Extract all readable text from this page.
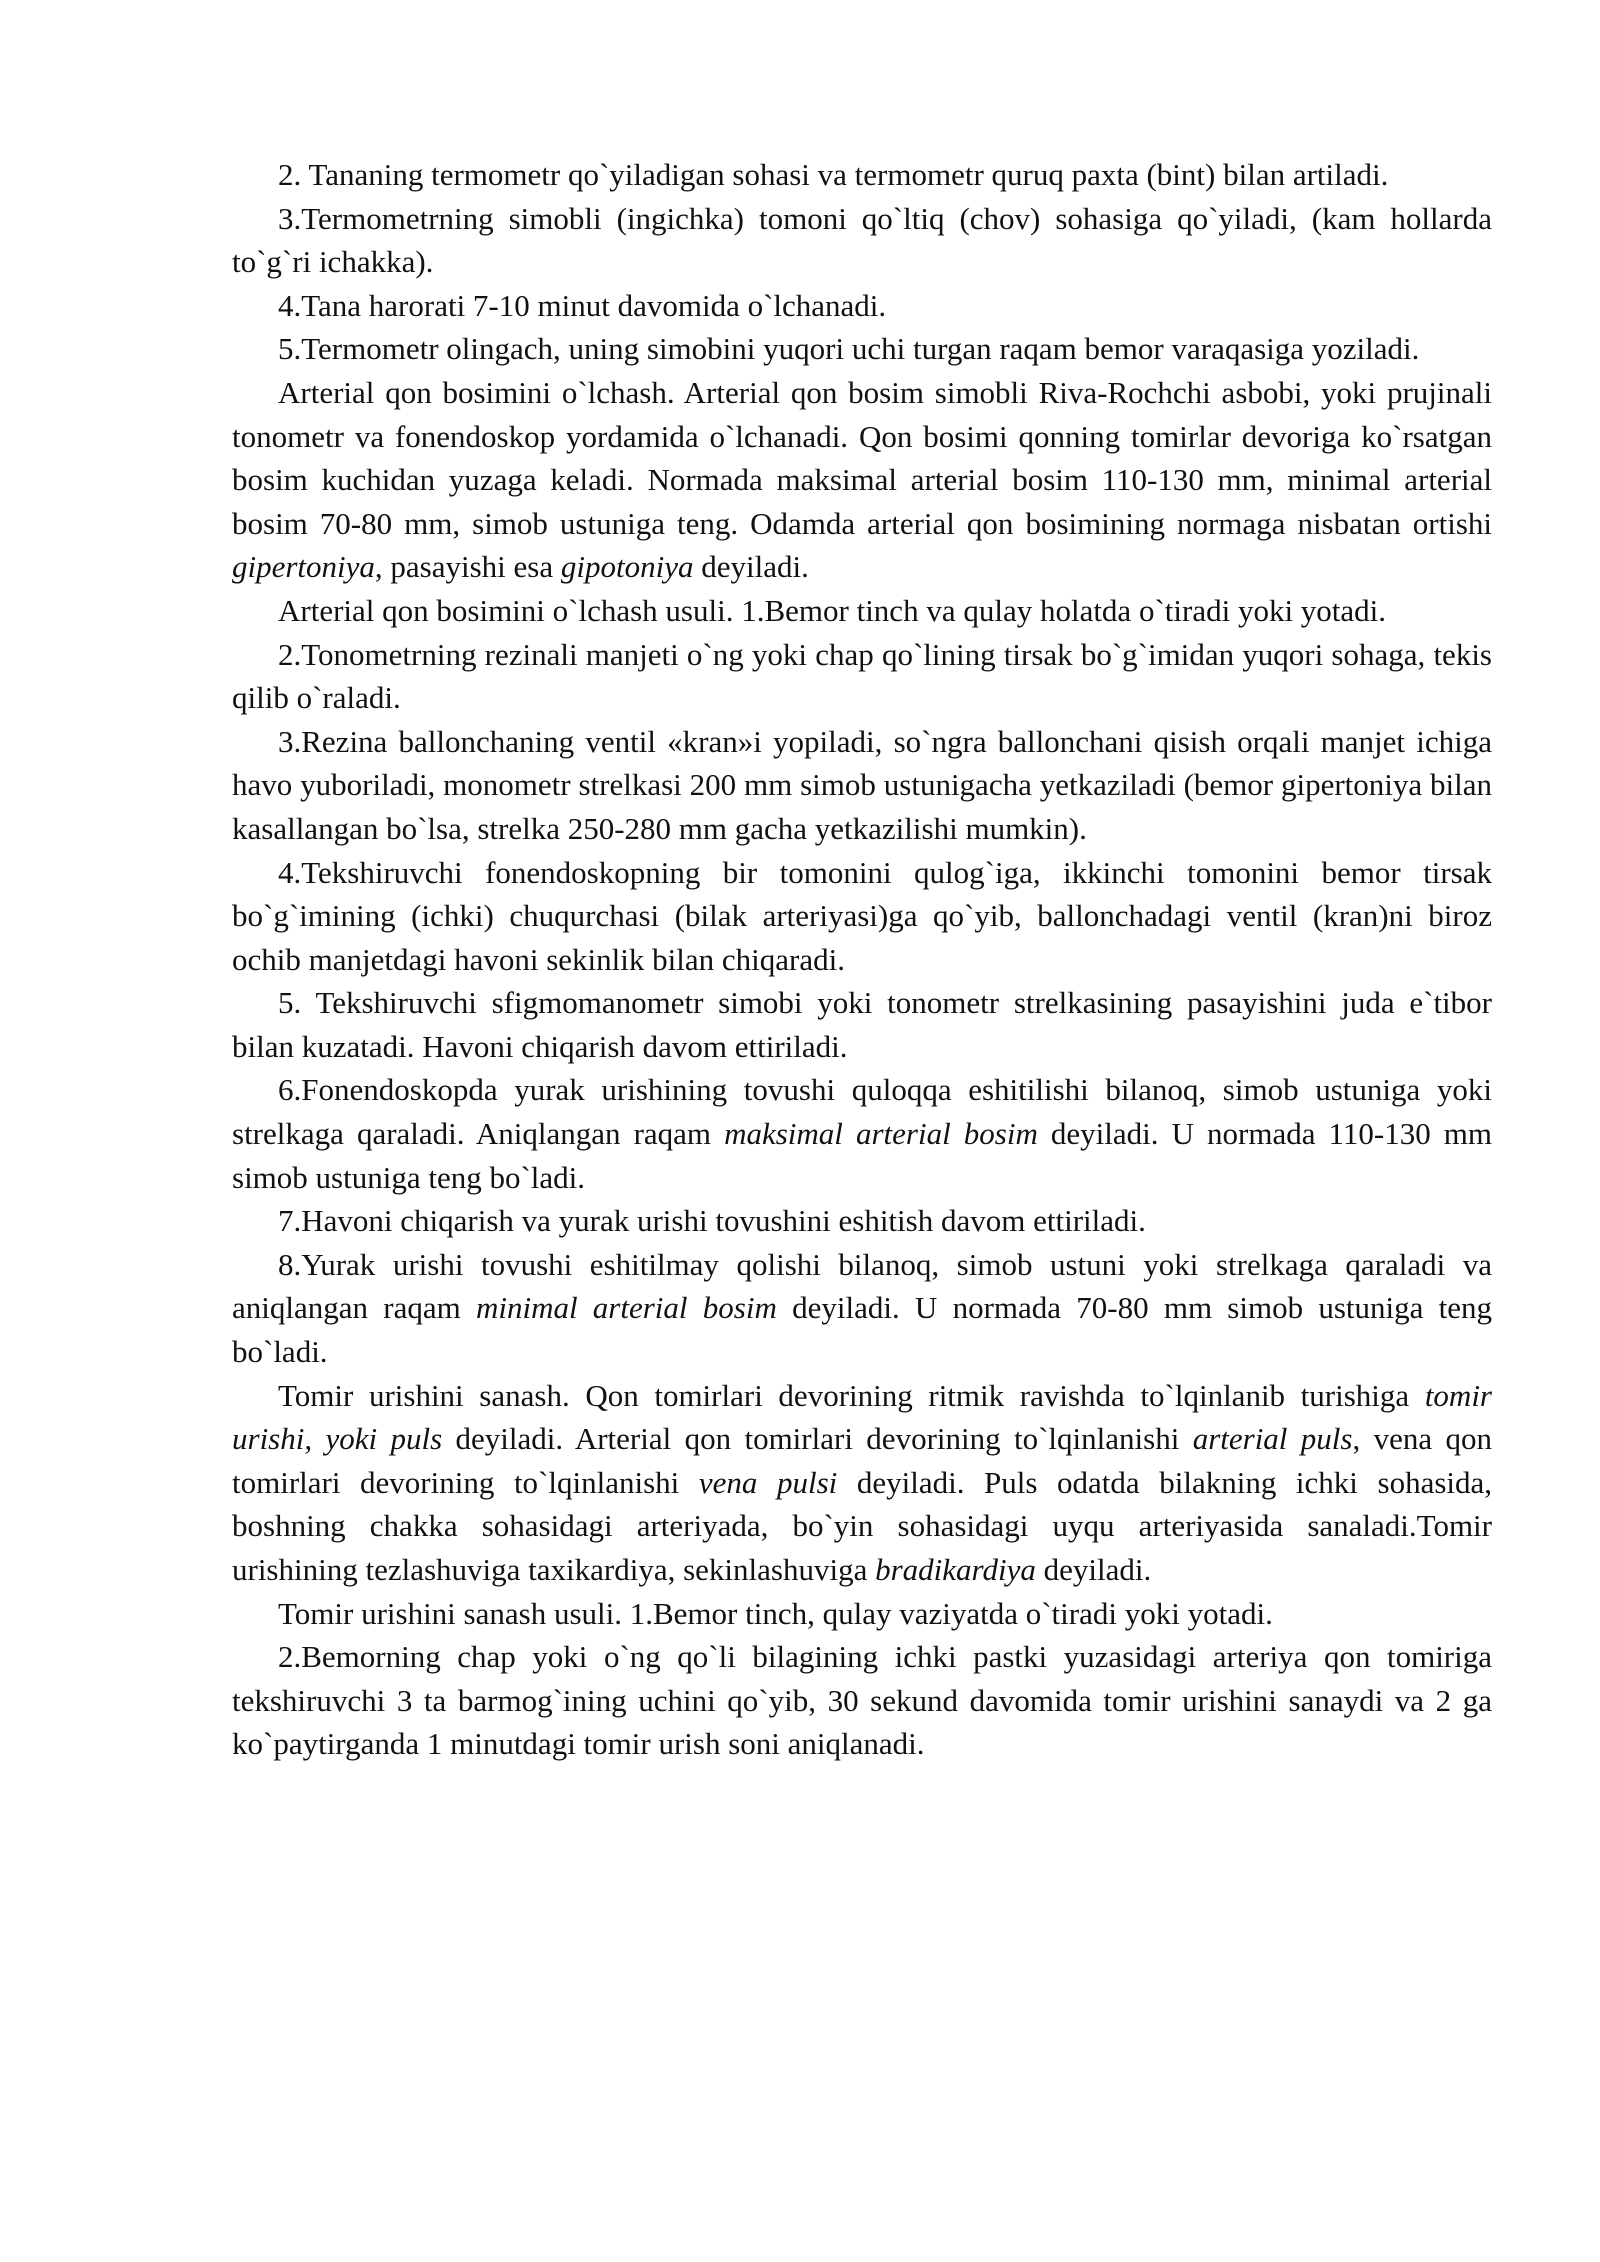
2. Tananing termometr qo`yiladigan sohasi va termometr quruq paxta (bint) bilan artiladi.

3.Termometrning simobli (ingichka) tomoni qo`ltiq (chov) sohasiga qo`yiladi, (kam hollarda to`g`ri ichakka).

4.Tana harorati 7-10 minut davomida o`lchanadi.

5.Termometr olingach, uning simobini yuqori uchi turgan raqam bemor varaqasiga yoziladi.

Arterial qon bosimini o`lchash. Arterial qon bosim simobli Riva-Rochchi asbobi, yoki prujinali tonometr va fonendoskop yordamida o`lchanadi. Qon bosimi qonning tomirlar devoriga ko`rsatgan bosim kuchidan yuzaga keladi. Normada maksimal arterial bosim 110-130 mm, minimal arterial bosim 70-80 mm, simob ustuniga teng. Odamda arterial qon bosimining normaga nisbatan ortishi gipertoniya, pasayishi esa gipotoniya deyiladi.

Arterial qon bosimini o`lchash usuli. 1.Bemor tinch va qulay holatda o`tiradi yoki yotadi.

2.Tonometrning rezinali manjeti o`ng yoki chap qo`lining tirsak bo`g`imidan yuqori sohaga, tekis qilib o`raladi.

3.Rezina ballonchaning ventil «kran»i yopiladi, so`ngra ballonchani qisish orqali manjet ichiga havo yuboriladi, monometr strelkasi 200 mm simob ustunigacha yetkaziladi (bemor gipertoniya bilan kasallangan bo`lsa, strelka 250-280 mm gacha yetkazilishi mumkin).

4.Tekshiruvchi fonendoskopning bir tomonini qulog`iga, ikkinchi tomonini bemor tirsak bo`g`imining (ichki) chuqurchasi (bilak arteriyasi)ga qo`yib, ballonchadagi ventil (kran)ni biroz ochib manjetdagi havoni sekinlik bilan chiqaradi.

5. Tekshiruvchi sfigmomanometr simobi yoki tonometr strelkasining pasayishini juda e`tibor bilan kuzatadi. Havoni chiqarish davom ettiriladi.

6.Fonendoskopda yurak urishining tovushi quloqqa eshitilishi bilanoq, simob ustuniga yoki strelkaga qaraladi. Aniqlangan raqam maksimal arterial bosim deyiladi. U normada 110-130 mm simob ustuniga teng bo`ladi.

7.Havoni chiqarish va yurak urishi tovushini eshitish davom ettiriladi.

8.Yurak urishi tovushi eshitilmay qolishi bilanoq, simob ustuni yoki strelkaga qaraladi va aniqlangan raqam minimal arterial bosim deyiladi. U normada 70-80 mm simob ustuniga teng bo`ladi.

Tomir urishini sanash. Qon tomirlari devorining ritmik ravishda to`lqinlanib turishiga tomir urishi, yoki puls deyiladi. Arterial qon tomirlari devorining to`lqinlanishi arterial puls, vena qon tomirlari devorining to`lqinlanishi vena pulsi deyiladi. Puls odatda bilakning ichki sohasida, boshning chakka sohasidagi arteriyada, bo`yin sohasidagi uyqu arteriyasida sanaladi.Tomir urishining tezlashuviga taxikardiya, sekinlashuviga bradikardiya deyiladi.

Tomir urishini sanash usuli. 1.Bemor tinch, qulay vaziyatda o`tiradi yoki yotadi.

2.Bemorning chap yoki o`ng qo`li bilagining ichki pastki yuzasidagi arteriya qon tomiriga tekshiruvchi 3 ta barmog`ining uchini qo`yib, 30 sekund davomida tomir urishini sanaydi va 2 ga ko`paytirganda 1 minutdagi tomir urish soni aniqlanadi.
